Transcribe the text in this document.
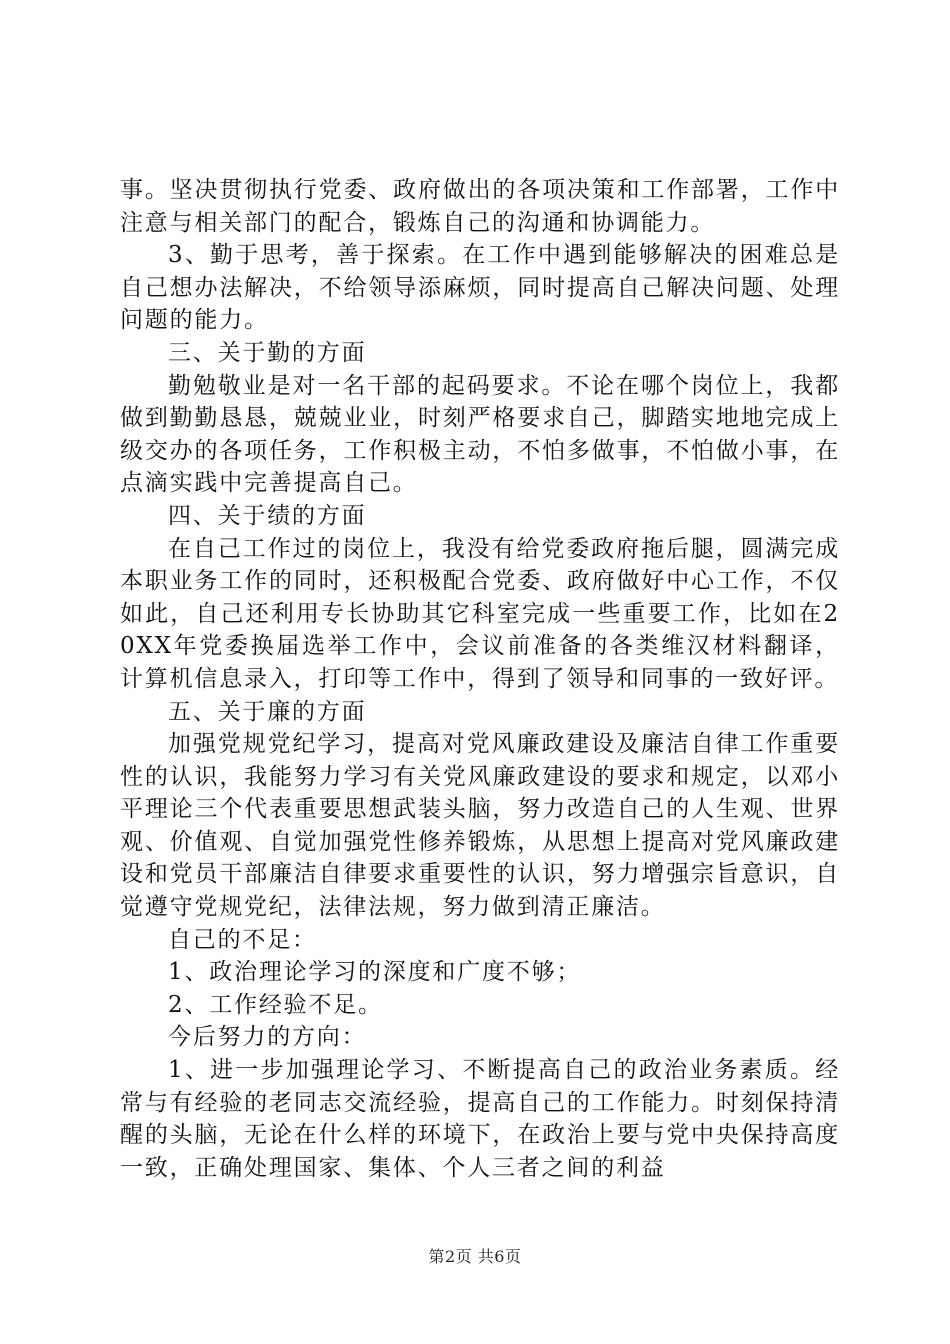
事。坚决贯彻执行党委、政府做出的各项决策和工作部署，工作中注意与相关部门的配合，锻炼自己的沟通和协调能力。

3、勤于思考，善于探索。在工作中遇到能够解决的困难总是自己想办法解决，不给领导添麻烦，同时提高自己解决问题、处理问题的能力。

三、关于勤的方面

勤勉敬业是对一名干部的起码要求。不论在哪个岗位上，我都做到勤勤恳恳，兢兢业业，时刻严格要求自己，脚踏实地地完成上级交办的各项任务，工作积极主动，不怕多做事，不怕做小事，在点滴实践中完善提高自己。

四、关于绩的方面

在自己工作过的岗位上，我没有给党委政府拖后腿，圆满完成本职业务工作的同时，还积极配合党委、政府做好中心工作，不仅如此，自己还利用专长协助其它科室完成一些重要工作，比如在20XX年党委换届选举工作中，会议前准备的各类维汉材料翻译，计算机信息录入，打印等工作中，得到了领导和同事的一致好评。

五、关于廉的方面

加强党规党纪学习，提高对党风廉政建设及廉洁自律工作重要性的认识，我能努力学习有关党风廉政建设的要求和规定，以邓小平理论三个代表重要思想武装头脑，努力改造自己的人生观、世界观、价值观、自觉加强党性修养锻炼，从思想上提高对党风廉政建设和党员干部廉洁自律要求重要性的认识，努力增强宗旨意识，自觉遵守党规党纪，法律法规，努力做到清正廉洁。

自己的不足：

1、政治理论学习的深度和广度不够；

2、工作经验不足。

今后努力的方向：

1、进一步加强理论学习、不断提高自己的政治业务素质。经常与有经验的老同志交流经验，提高自己的工作能力。时刻保持清醒的头脑，无论在什么样的环境下，在政治上要与党中央保持高度一致，正确处理国家、集体、个人三者之间的利益

第2页 共6页
